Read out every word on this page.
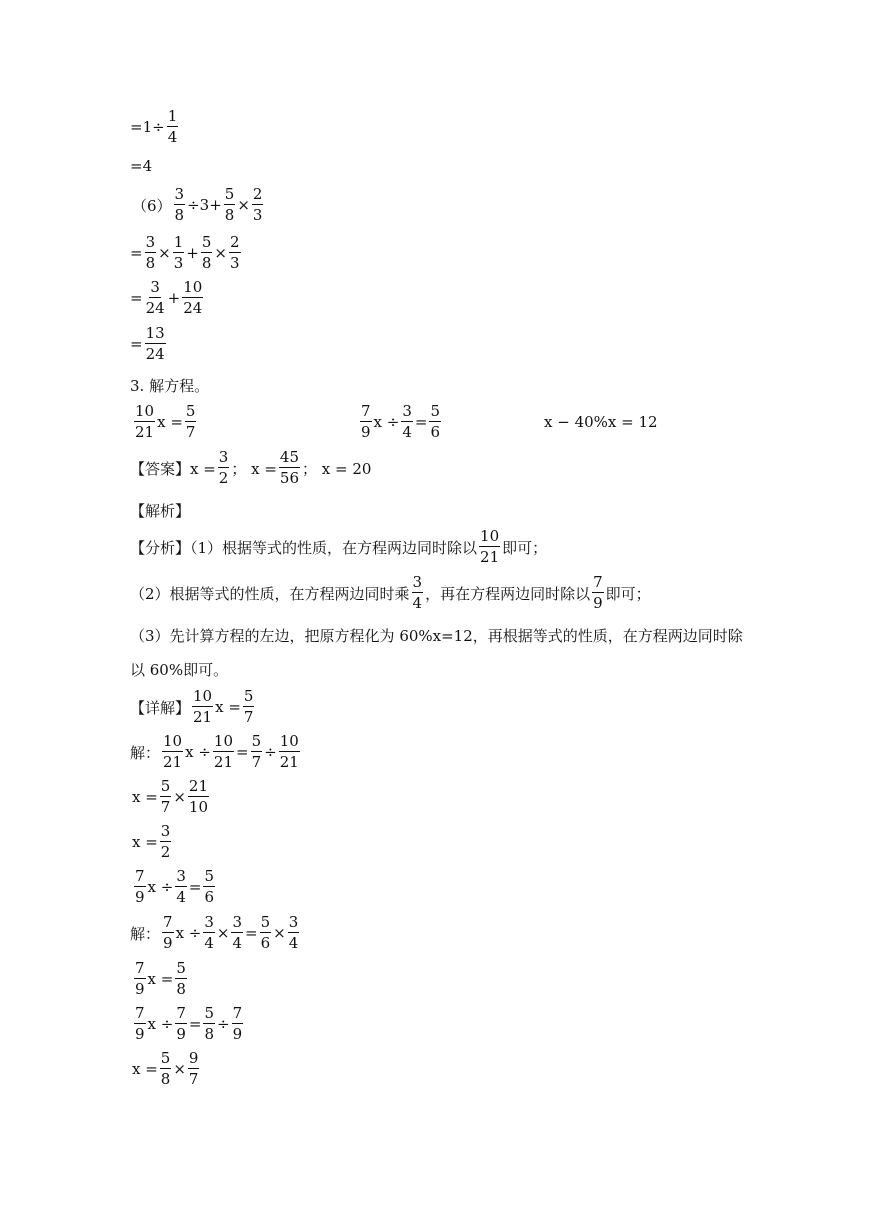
$=1\div \frac{1}{4}$
=4
$(6) \frac{3}{8} \div 3+ \frac{5}{8} \times \frac{2}{3}$
= $\frac{3}{8} \times \frac{1}{3} + \frac{5}{8} \times \frac{2}{3}$
= $\frac{3}{24} + \frac{10}{24}$
= $\frac{13}{24}$
3. 解方程。
$\frac{10}{21}$ $x = \frac{5}{7}$	$\frac{7}{9}$ $x \div \frac{3}{4} = \frac{5}{6}$	x − 40%x = 12
【答案】$x = \frac{3}{2}$ ； $x = \frac{45}{56}$ ； x = 20
【解析】
【分析】（1）根据等式的性质，在方程两边同时除以 $\frac{10}{21}$ 即可；
（2）根据等式的性质，在方程两边同时乘 $\frac{3}{4}$ ，再在方程两边同时除以 $\frac{7}{9}$ 即可；
（3）先计算方程的左边，把原方程化为 60%x=12，再根据等式的性质，在方程两边同时除
以 60%即可。
【详解】 $\frac{10}{21}$ $x = \frac{5}{7}$
解： $\frac{10}{21}$ $x \div \frac{10}{21} = \frac{5}{7} \div \frac{10}{21}$
$x = \frac{5}{7} \times \frac{21}{10}$
$x = \frac{3}{2}$
$\frac{7}{9}$ $x \div \frac{3}{4} = \frac{5}{6}$
解： $\frac{7}{9}$ $x \div \frac{3}{4} \times \frac{3}{4} = \frac{5}{6} \times \frac{3}{4}$
$\frac{7}{9}$ $x = \frac{5}{8}$
$\frac{7}{9}$ $x \div \frac{7}{9} = \frac{5}{8} \div \frac{7}{9}$
$x = \frac{5}{8} \times \frac{9}{7}$
